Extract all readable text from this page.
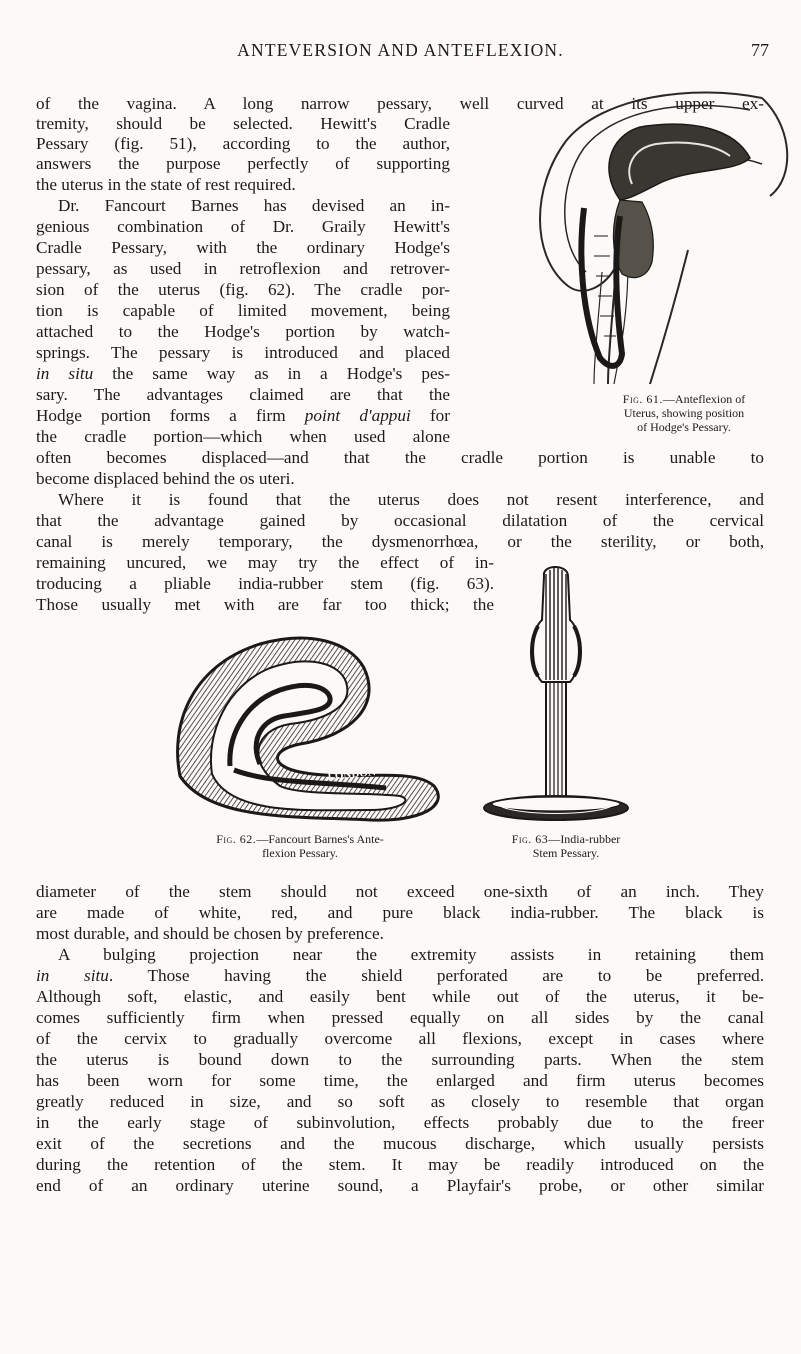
ANTEVERSION AND ANTEFLEXION.	77
of the vagina. A long narrow pessary, well curved at its upper ex-
tremity, should be selected. Hewitt's Cradle
Pessary (fig. 51), according to the author,
answers the purpose perfectly of supporting
the uterus in the state of rest required.
Dr. Fancourt Barnes has devised an in-
genious combination of Dr. Graily Hewitt's
Cradle Pessary, with the ordinary Hodge's
pessary, as used in retroflexion and retrover-
sion of the uterus (fig. 62). The cradle por-
tion is capable of limited movement, being
attached to the Hodge's portion by watch-
springs. The pessary is introduced and placed
in situ the same way as in a Hodge's pes-
sary. The advantages claimed are that the
Hodge portion forms a firm point d'appui for
the cradle portion—which when used alone
often becomes displaced—and that the cradle portion is unable to
become displaced behind the os uteri.
Where it is found that the uterus does not resent interference, and
that the advantage gained by occasional dilatation of the cervical
canal is merely temporary, the dysmenorrhœa, or the sterility, or both,
remaining uncured, we may try the effect of in-
troducing a pliable india-rubber stem (fig. 63).
Those usually met with are far too thick; the
Fig. 61.—Anteflexion of
Uterus, showing position
of Hodge's Pessary.
LONDON
Fig. 62.—Fancourt Barnes's Ante-
flexion Pessary.
Fig. 63—India-rubber
Stem Pessary.
diameter of the stem should not exceed one-sixth of an inch. They
are made of white, red, and pure black india-rubber. The black is
most durable, and should be chosen by preference.
A bulging projection near the extremity assists in retaining them
in situ. Those having the shield perforated are to be preferred.
Although soft, elastic, and easily bent while out of the uterus, it be-
comes sufficiently firm when pressed equally on all sides by the canal
of the cervix to gradually overcome all flexions, except in cases where
the uterus is bound down to the surrounding parts. When the stem
has been worn for some time, the enlarged and firm uterus becomes
greatly reduced in size, and so soft as closely to resemble that organ
in the early stage of subinvolution, effects probably due to the freer
exit of the secretions and the mucous discharge, which usually persists
during the retention of the stem. It may be readily introduced on the
end of an ordinary uterine sound, a Playfair's probe, or other similar
